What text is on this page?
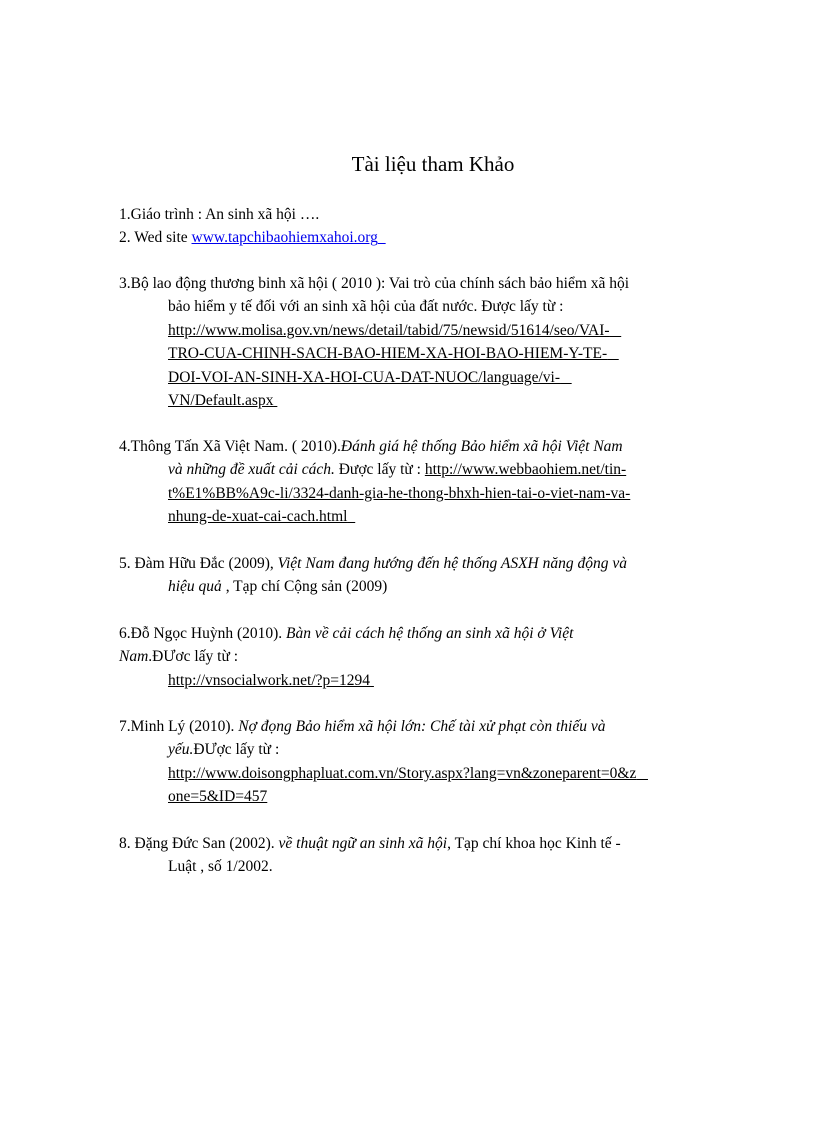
Tài liệu tham Khảo
1.Giáo trình : An sinh xã hội ….
2. Wed site www.tapchibaohiemxahoi.org
3.Bộ lao động thương binh xã hội ( 2010 ): Vai trò của chính sách bảo hiểm xã hội
bảo hiểm y tế đối với an sinh xã hội của đất nước. Được lấy từ :
http://www.molisa.gov.vn/news/detail/tabid/75/newsid/51614/seo/VAI-
TRO-CUA-CHINH-SACH-BAO-HIEM-XA-HOI-BAO-HIEM-Y-TE-
DOI-VOI-AN-SINH-XA-HOI-CUA-DAT-NUOC/language/vi-
VN/Default.aspx
4.Thông Tấn Xã Việt Nam. ( 2010).Đánh giá hệ thống Bảo hiểm xã hội Việt Nam
và những đề xuất cải cách. Được lấy từ : http://www.webbaohiem.net/tin-
t%E1%BB%A9c-li/3324-danh-gia-he-thong-bhxh-hien-tai-o-viet-nam-va-
nhung-de-xuat-cai-cach.html
5. Đàm Hữu Đắc (2009), Việt Nam đang hướng đến hệ thống ASXH năng động và
hiệu quả , Tạp chí Cộng sản (2009)
6.Đỗ Ngọc Huỳnh (2010). Bàn về cải cách hệ thống an sinh xã hội ở Việt
Nam.ĐƯơc lấy từ :
http://vnsocialwork.net/?p=1294
7.Minh Lý (2010). Nợ đọng Bảo hiểm xã hội lớn: Chế tài xử phạt còn thiếu và
yếu.ĐƯợc lấy từ :
http://www.doisongphapluat.com.vn/Story.aspx?lang=vn&zoneparent=0&z
one=5&ID=457
8. Đặng Đức San (2002). về thuật ngữ an sinh xã hội, Tạp chí khoa học Kinh tế -
Luật , số 1/2002.
